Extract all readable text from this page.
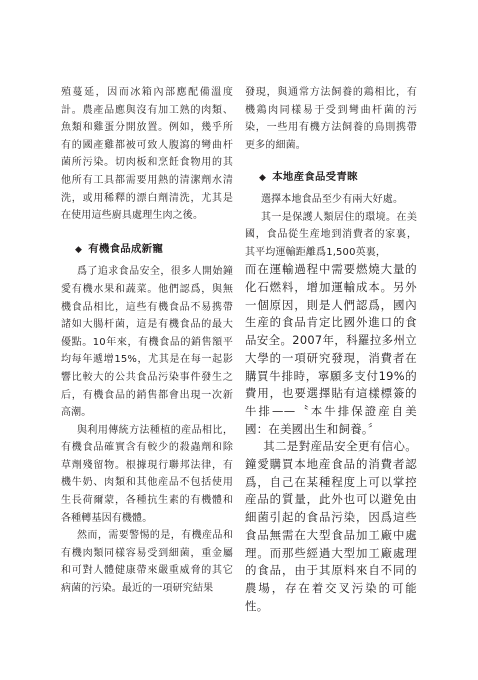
殖蔓延，因而冰箱內部應配備溫度計。農產品應與沒有加工熟的肉類、魚類和雞蛋分開放置。例如，幾乎所有的國產雞都被可致人腹瀉的彎曲杆菌所污染。切肉板和烹飪食物用的其他所有工具都需要用熱的清潔劑水清洗，或用稀釋的漂白劑清洗，尤其是在使用這些廚具處理生肉之後。

◆ 有機食品成新寵

爲了追求食品安全，很多人開始鐘愛有機水果和蔬菜。他們認爲，與無機食品相比，這些有機食品不易携帶諸如大腸杆菌，這是有機食品的最大優點。10年來，有機食品的銷售額平均每年遞增15%，尤其是在每一起影響比較大的公共食品污染事件發生之后，有機食品的銷售都會出現一次新高潮。

與利用傳統方法種植的産品相比，有機食品確實含有較少的殺蟲劑和除草劑殘留物。根據現行聯邦法律，有機牛奶、肉類和其他産品不包括使用生長荷爾蒙，各種抗生素的有機體和各種轉基因有機體。

然而，需要警惕的是，有機産品和有機肉類同樣容易受到細菌，重金屬和可對人體健康帶來嚴重威脅的其它病菌的污染。最近的一項研究結果

發現，與通常方法飼養的鶏相比，有機鶏肉同樣易于受到彎曲杆菌的污染，一些用有機方法飼養的鳥則携帶更多的細菌。

◆ 本地産食品受青睞

選擇本地食品至少有兩大好處。

其一是保護人類居住的環境。在美國，食品從生産地到消費者的家裏，其平均運輸距離爲1,500英裏，

而在運輸過程中需要燃燒大量的化石燃料，增加運輸成本。另外一個原因，則是人們認爲，國內生産的食品肯定比國外進口的食品安全。2007年，科羅拉多州立大學的一項研究發現，消費者在購買牛排時，寧願多支付19%的費用，也要選擇貼有這樣標簽的牛排——〝本牛排保證産自美國：在美國出生和飼養。〞

其二是對産品安全更有信心。鐘愛購買本地産食品的消費者認爲，自己在某種程度上可以掌控産品的質量，此外也可以避免由細菌引起的食品污染，因爲這些食品無需在大型食品加工廠中處理。而那些經過大型加工廠處理的食品，由于其原料來自不同的農場，存在着交叉污染的可能性。
